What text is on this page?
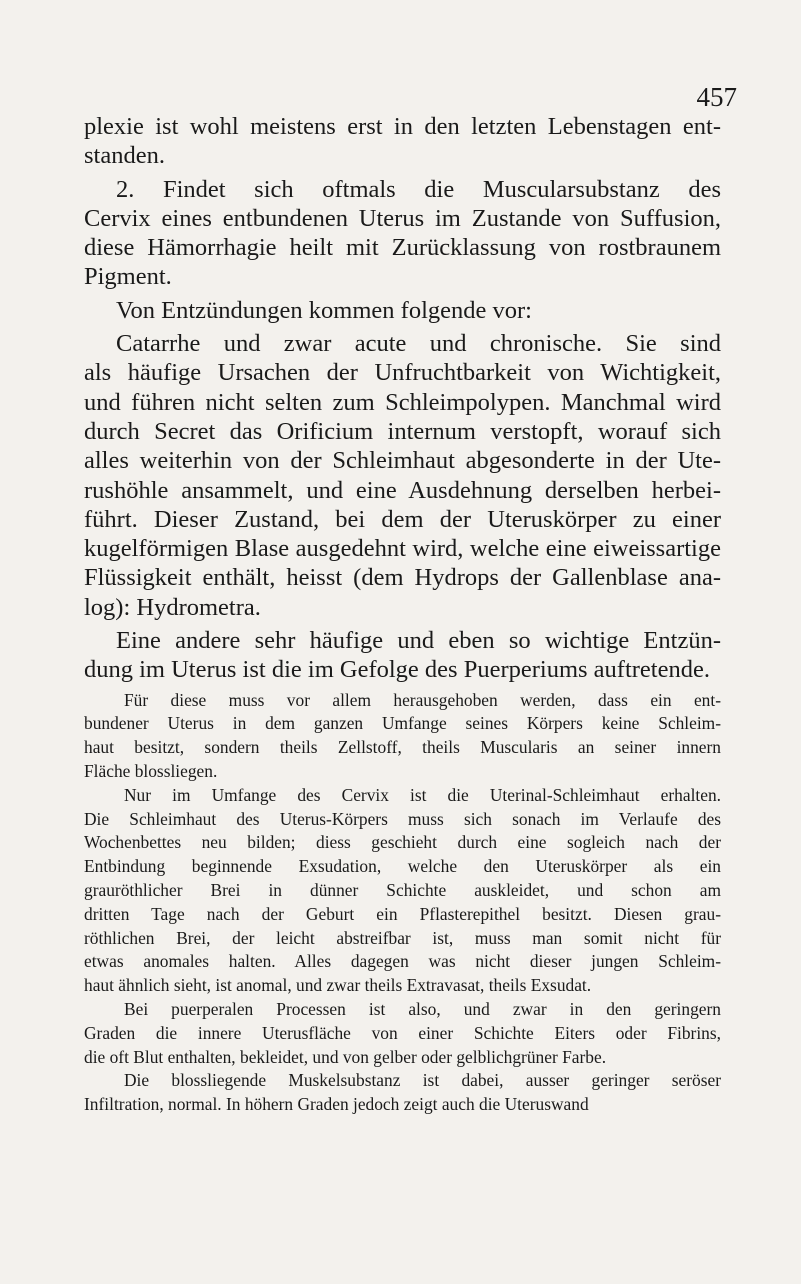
457
plexie ist wohl meistens erst in den letzten Lebenstagen ent-
standen.
2. Findet sich oftmals die Muscularsubstanz des
Cervix eines entbundenen Uterus im Zustande von Suffusion,
diese Hämorrhagie heilt mit Zurücklassung von rostbraunem
Pigment.
Von Entzündungen kommen folgende vor:
Catarrhe und zwar acute und chronische. Sie sind
als häufige Ursachen der Unfruchtbarkeit von Wichtigkeit,
und führen nicht selten zum Schleimpolypen. Manchmal wird
durch Secret das Orificium internum verstopft, worauf sich
alles weiterhin von der Schleimhaut abgesonderte in der Ute-
rushöhle ansammelt, und eine Ausdehnung derselben herbei-
führt. Dieser Zustand, bei dem der Uteruskörper zu einer
kugelförmigen Blase ausgedehnt wird, welche eine eiweissartige
Flüssigkeit enthält, heisst (dem Hydrops der Gallenblase ana-
log): Hydrometra.
Eine andere sehr häufige und eben so wichtige Entzün-
dung im Uterus ist die im Gefolge des Puerperiums auftretende.
Für diese muss vor allem herausgehoben werden, dass ein ent-
bundener Uterus in dem ganzen Umfange seines Körpers keine Schleim-
haut besitzt, sondern theils Zellstoff, theils Muscularis an seiner innern
Fläche blossliegen.
Nur im Umfange des Cervix ist die Uterinal-Schleimhaut erhalten.
Die Schleimhaut des Uterus-Körpers muss sich sonach im Verlaufe des
Wochenbettes neu bilden; diess geschieht durch eine sogleich nach der
Entbindung beginnende Exsudation, welche den Uteruskörper als ein
grauröthlicher Brei in dünner Schichte auskleidet, und schon am
dritten Tage nach der Geburt ein Pflasterepithel besitzt. Diesen grau-
röthlichen Brei, der leicht abstreifbar ist, muss man somit nicht für
etwas anomales halten. Alles dagegen was nicht dieser jungen Schleim-
haut ähnlich sieht, ist anomal, und zwar theils Extravasat, theils Exsudat.
Bei puerperalen Processen ist also, und zwar in den geringern
Graden die innere Uterusfläche von einer Schichte Eiters oder Fibrins,
die oft Blut enthalten, bekleidet, und von gelber oder gelblichgrüner Farbe.
Die blossliegende Muskelsubstanz ist dabei, ausser geringer seröser
Infiltration, normal. In höhern Graden jedoch zeigt auch die Uteruswand
